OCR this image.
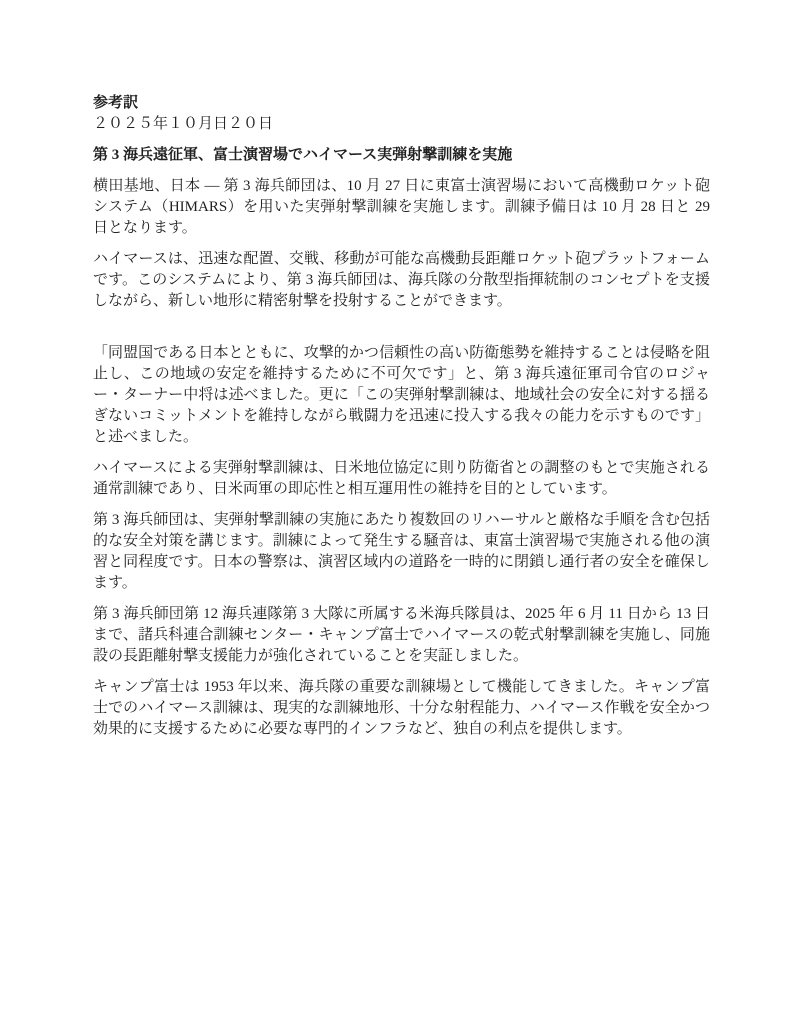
参考訳

２０２５年１０月日２０日

第 3 海兵遠征軍、富士演習場でハイマース実弾射撃訓練を実施

横田基地、日本 ― 第 3 海兵師団は、10 月 27 日に東富士演習場において高機動ロケット砲システム（HIMARS）を用いた実弾射撃訓練を実施します。訓練予備日は 10 月 28 日と 29 日となります。

ハイマースは、迅速な配置、交戦、移動が可能な高機動長距離ロケット砲プラットフォームです。このシステムにより、第 3 海兵師団は、海兵隊の分散型指揮統制のコンセプトを支援しながら、新しい地形に精密射撃を投射することができます。

「同盟国である日本とともに、攻撃的かつ信頼性の高い防衛態勢を維持することは侵略を阻止し、この地域の安定を維持するために不可欠です」と、第 3 海兵遠征軍司令官のロジャー・ターナー中将は述べました。更に「この実弾射撃訓練は、地域社会の安全に対する揺るぎないコミットメントを維持しながら戦闘力を迅速に投入する我々の能力を示すものです」と述べました。

ハイマースによる実弾射撃訓練は、日米地位協定に則り防衛省との調整のもとで実施される通常訓練であり、日米両軍の即応性と相互運用性の維持を目的としています。

第 3 海兵師団は、実弾射撃訓練の実施にあたり複数回のリハーサルと厳格な手順を含む包括的な安全対策を講じます。訓練によって発生する騒音は、東富士演習場で実施される他の演習と同程度です。日本の警察は、演習区域内の道路を一時的に閉鎖し通行者の安全を確保します。

第 3 海兵師団第 12 海兵連隊第 3 大隊に所属する米海兵隊員は、2025 年 6 月 11 日から 13 日まで、諸兵科連合訓練センター・キャンプ富士でハイマースの乾式射撃訓練を実施し、同施設の長距離射撃支援能力が強化されていることを実証しました。

キャンプ富士は 1953 年以来、海兵隊の重要な訓練場として機能してきました。キャンプ富士でのハイマース訓練は、現実的な訓練地形、十分な射程能力、ハイマース作戦を安全かつ効果的に支援するために必要な専門的インフラなど、独自の利点を提供します。
